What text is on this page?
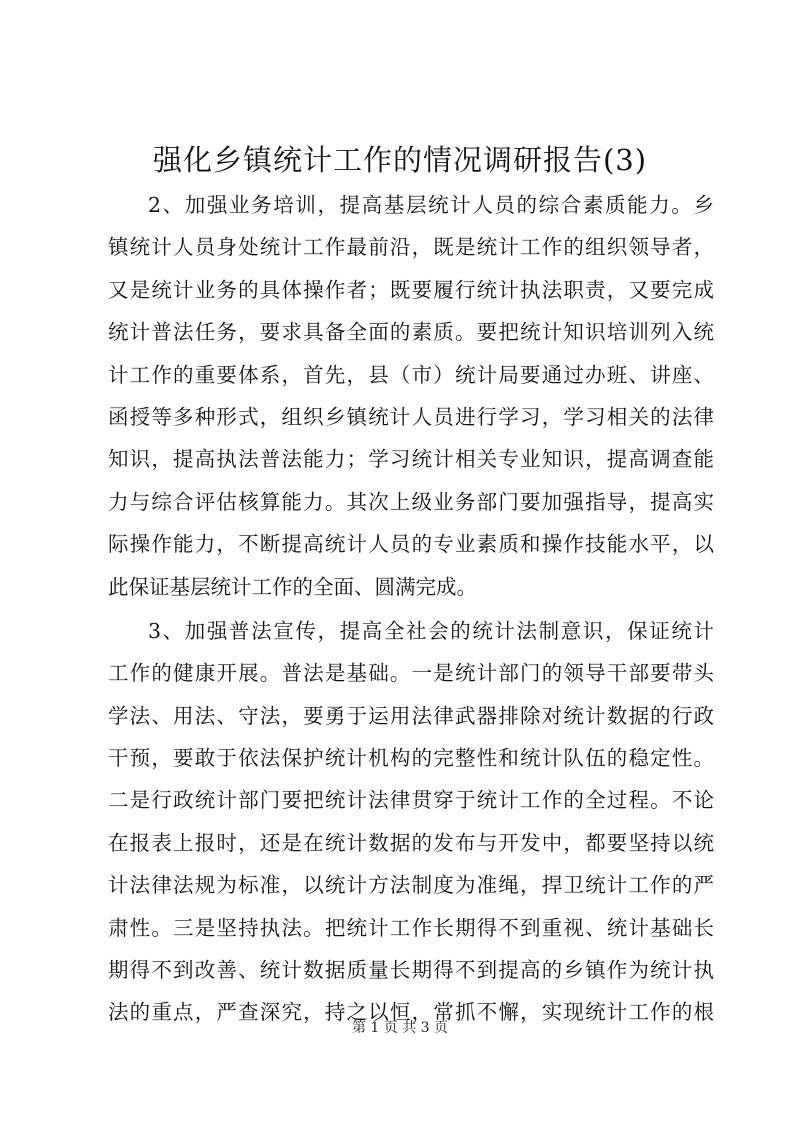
强化乡镇统计工作的情况调研报告(3)
2、加强业务培训，提高基层统计人员的综合素质能力。乡
镇统计人员身处统计工作最前沿，既是统计工作的组织领导者，
又是统计业务的具体操作者；既要履行统计执法职责，又要完成
统计普法任务，要求具备全面的素质。要把统计知识培训列入统
计工作的重要体系，首先，县（市）统计局要通过办班、讲座、
函授等多种形式，组织乡镇统计人员进行学习，学习相关的法律
知识，提高执法普法能力；学习统计相关专业知识，提高调查能
力与综合评估核算能力。其次上级业务部门要加强指导，提高实
际操作能力，不断提高统计人员的专业素质和操作技能水平，以
此保证基层统计工作的全面、圆满完成。
3、加强普法宣传，提高全社会的统计法制意识，保证统计
工作的健康开展。普法是基础。一是统计部门的领导干部要带头
学法、用法、守法，要勇于运用法律武器排除对统计数据的行政
干预，要敢于依法保护统计机构的完整性和统计队伍的稳定性。
二是行政统计部门要把统计法律贯穿于统计工作的全过程。不论
在报表上报时，还是在统计数据的发布与开发中，都要坚持以统
计法律法规为标准，以统计方法制度为准绳，捍卫统计工作的严
肃性。三是坚持执法。把统计工作长期得不到重视、统计基础长
期得不到改善、统计数据质量长期得不到提高的乡镇作为统计执
法的重点，严查深究，持之以恒，常抓不懈，实现统计工作的根
第 1 页 共 3 页
